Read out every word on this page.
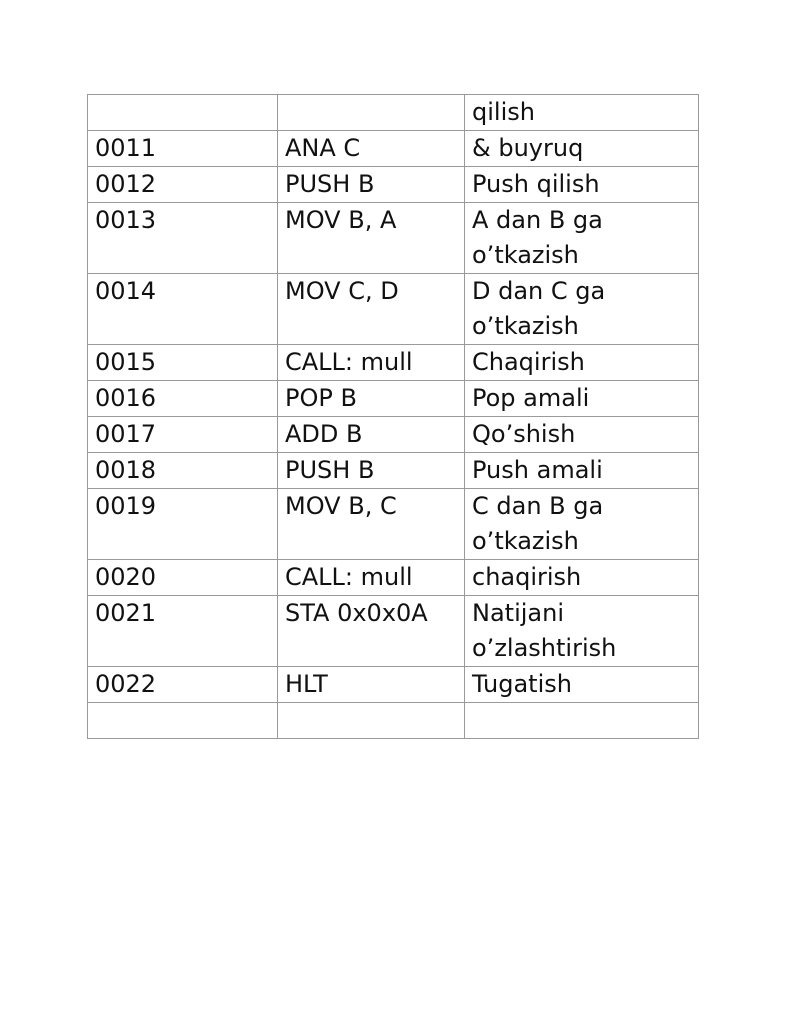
		qilish

0011	ANA C	& buyruq

0012	PUSH B	Push qilish

0013	MOV B, A	A dan B ga
o’tkazish

0014	MOV C, D	D dan C ga
o’tkazish

0015	CALL: mull	Chaqirish

0016	POP B	Pop amali

0017	ADD B	Qo’shish

0018	PUSH B	Push amali

0019	MOV B, C	C dan B ga
o’tkazish

0020	CALL: mull	chaqirish

0021	STA 0x0x0A	Natijani
o’zlashtirish

0022	HLT	Tugatish
